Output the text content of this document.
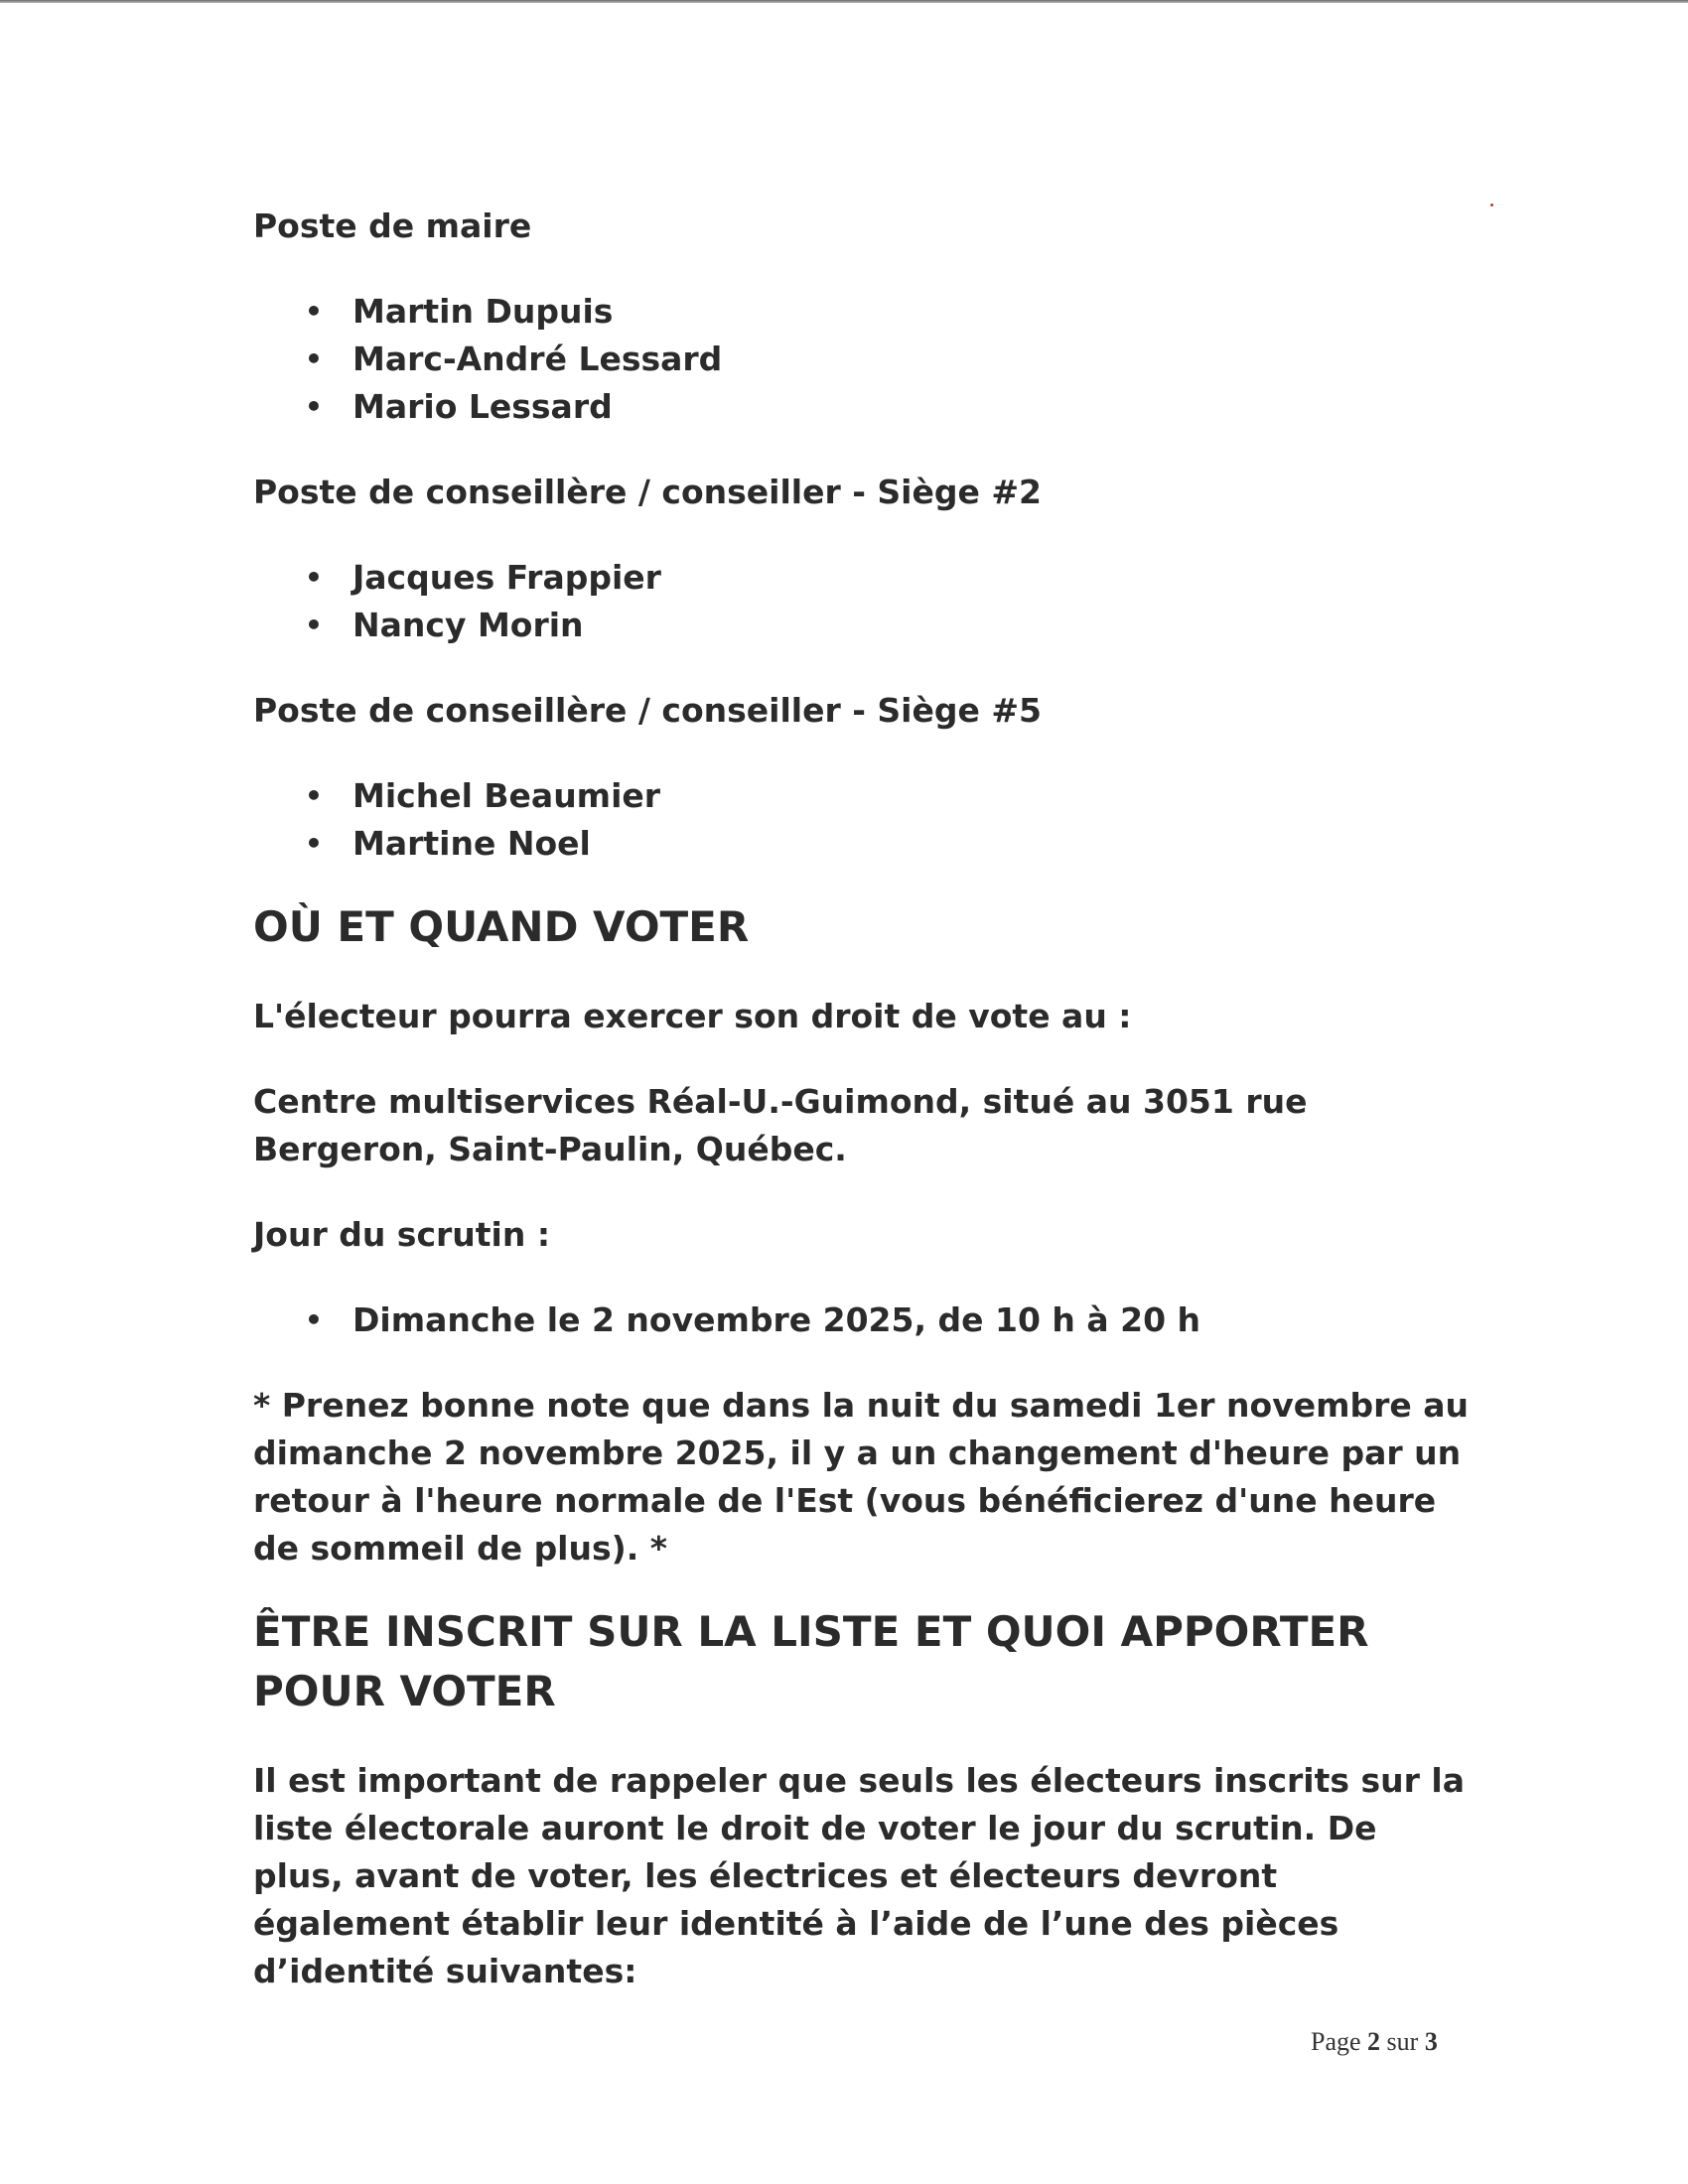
Poste de maire
• Martin Dupuis
• Marc-André Lessard
• Mario Lessard
Poste de conseillère / conseiller - Siège #2
• Jacques Frappier
• Nancy Morin
Poste de conseillère / conseiller - Siège #5
• Michel Beaumier
• Martine Noel
OÙ ET QUAND VOTER

L'électeur pourra exercer son droit de vote au :

Centre multiservices Réal-U.-Guimond, situé au 3051 rue Bergeron, Saint-Paulin, Québec.

Jour du scrutin :
• Dimanche le 2 novembre 2025, de 10 h à 20 h

* Prenez bonne note que dans la nuit du samedi 1er novembre au dimanche 2 novembre 2025, il y a un changement d'heure par un retour à l'heure normale de l'Est (vous bénéficierez d'une heure de sommeil de plus). *

ÊTRE INSCRIT SUR LA LISTE ET QUOI APPORTER POUR VOTER

Il est important de rappeler que seuls les électeurs inscrits sur la liste électorale auront le droit de voter le jour du scrutin. De plus, avant de voter, les électrices et électeurs devront également établir leur identité à l’aide de l’une des pièces d’identité suivantes:

Page 2 sur 3
